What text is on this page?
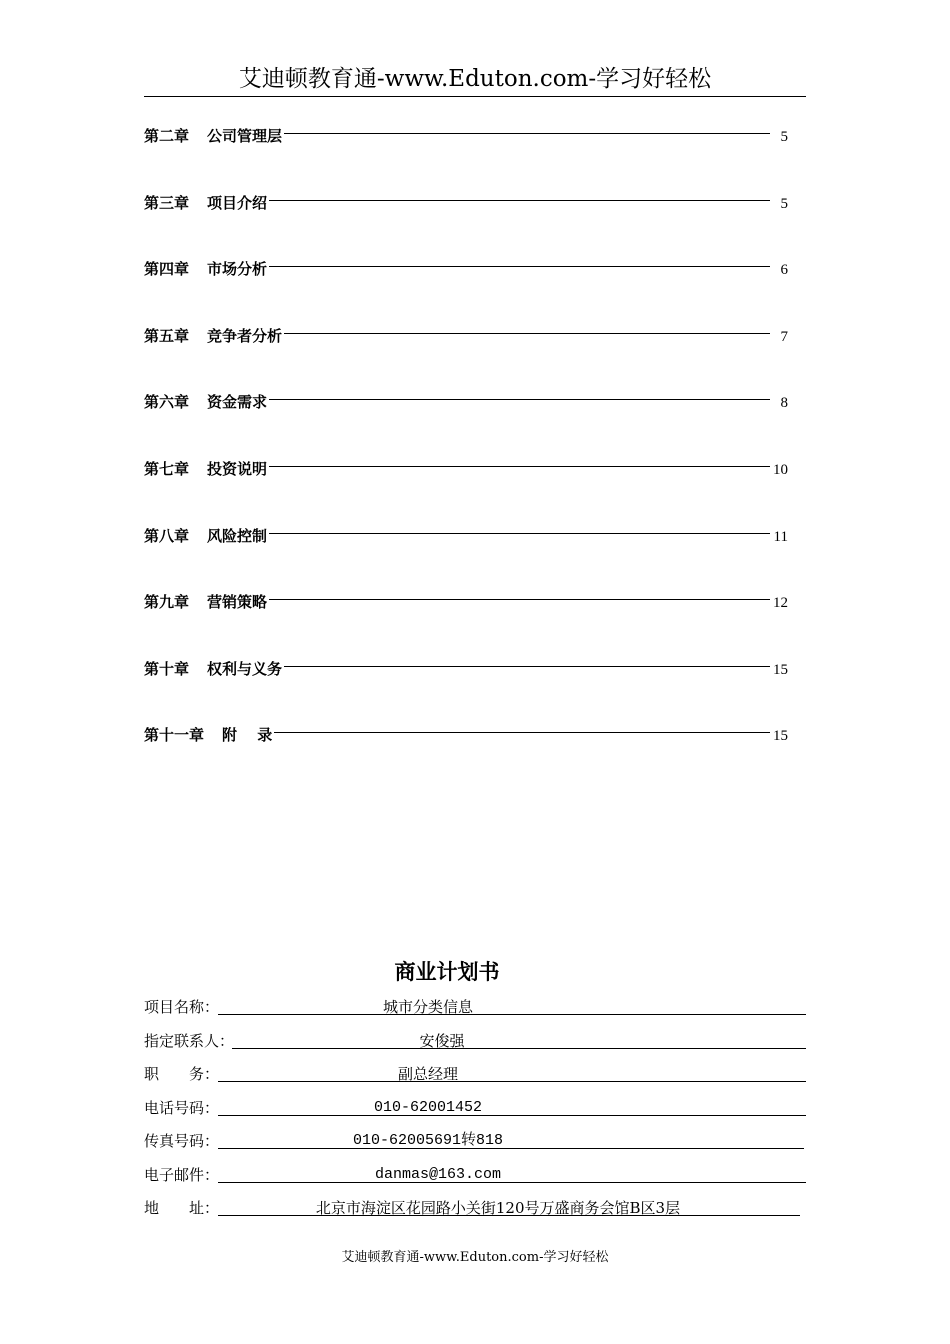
艾迪顿教育通-www.Eduton.com-学习好轻松
第二章 公司管理层	5
第三章 项目介绍	5
第四章 市场分析	6
第五章 竞争者分析	7
第六章 资金需求	8
第七章 投资说明	10
第八章 风险控制	11
第九章 营销策略	12
第十章 权利与义务	15
第十一章 附　 录	15
商业计划书
项目名称：	城市分类信息
指定联系人：	安俊强
职　　务：	副总经理
电话号码：	010-62001452
传真号码：	010-62005691转818
电子邮件：	danmas@163.com
地　　址：	北京市海淀区花园路小关街120号万盛商务会馆B区3层
艾迪顿教育通-www.Eduton.com-学习好轻松
